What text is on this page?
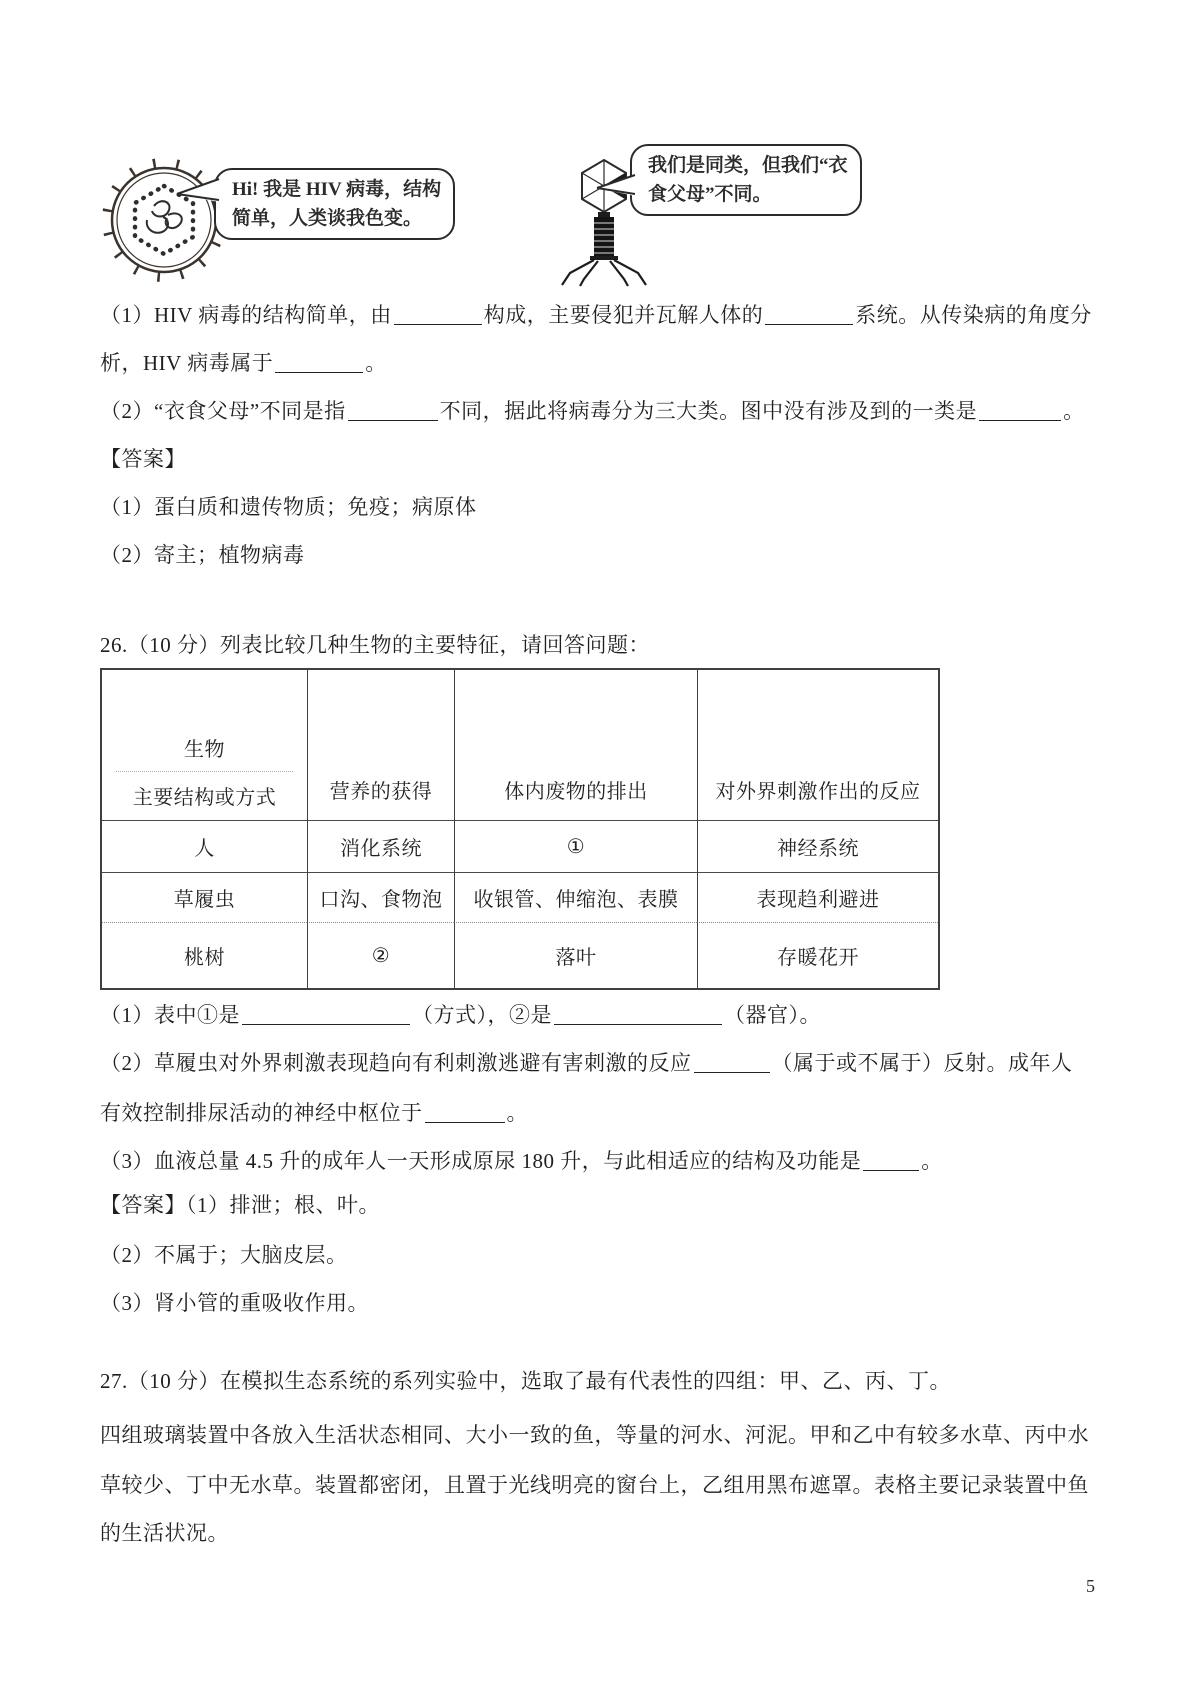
Hi! 我是 HIV 病毒，结构
简单，人类谈我色变。
我们是同类，但我们“衣
食父母”不同。
（1）HIV 病毒的结构简单，由	构成，主要侵犯并瓦解人体的	系统。从传染病的角度分
析，HIV 病毒属于	。
（2）“衣食父母”不同是指	不同，据此将病毒分为三大类。图中没有涉及到的一类是	。
【答案】
（1）蛋白质和遗传物质；免疫；病原体
（2）寄主；植物病毒
26.（10 分）列表比较几种生物的主要特征，请回答问题：
生物
主要结构或方式	营养的获得	体内废物的排出	对外界刺激作出的反应
人	消化系统	①	神经系统
草履虫	口沟、食物泡	收银管、伸缩泡、表膜	表现趋利避进
桃树	②	落叶	存暖花开
（1）表中①是	（方式），②是	（器官）。
（2）草履虫对外界刺激表现趋向有利刺激逃避有害刺激的反应	（属于或不属于）反射。成年人
有效控制排尿活动的神经中枢位于	。
（3）血液总量 4.5 升的成年人一天形成原尿 180 升，与此相适应的结构及功能是	。
【答案】（1）排泄；根、叶。
（2）不属于；大脑皮层。
（3）肾小管的重吸收作用。
27.（10 分）在模拟生态系统的系列实验中，选取了最有代表性的四组：甲、乙、丙、丁。
四组玻璃装置中各放入生活状态相同、大小一致的鱼，等量的河水、河泥。甲和乙中有较多水草、丙中水
草较少、丁中无水草。装置都密闭，且置于光线明亮的窗台上，乙组用黑布遮罩。表格主要记录装置中鱼
的生活状况。
5
